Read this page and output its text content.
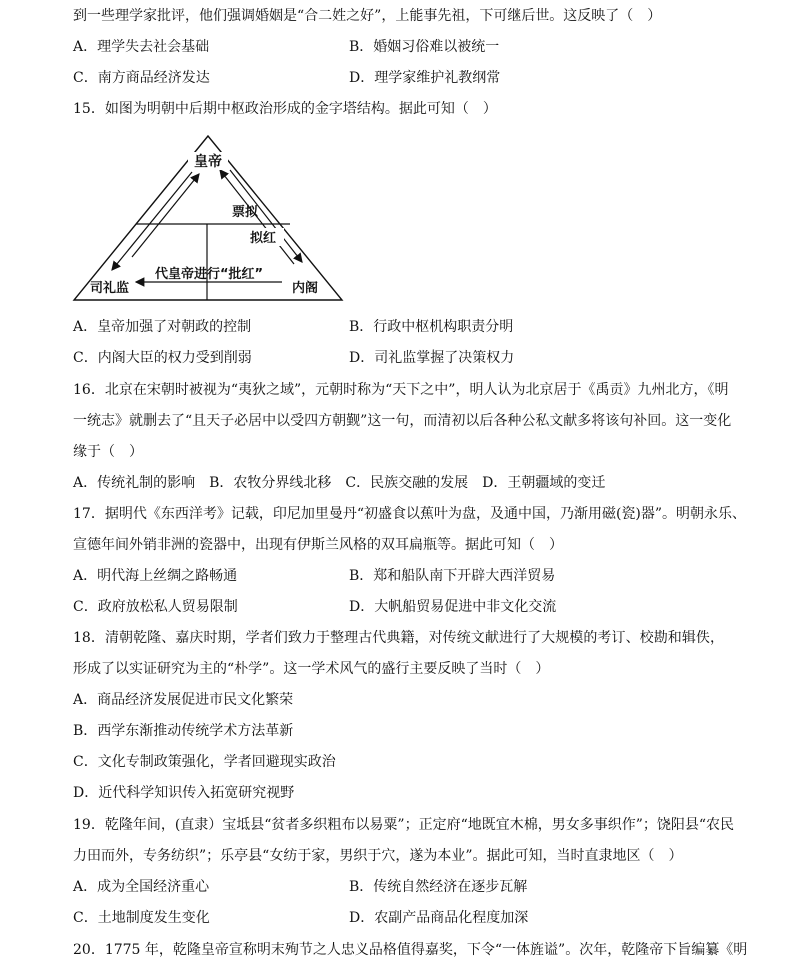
到一些理学家批评，他们强调婚姻是“合二姓之好”，上能事先祖，下可继后世。这反映了（　）
A．理学失去社会基础	B．婚姻习俗难以被统一
C．南方商品经济发达	D．理学家维护礼教纲常
15．如图为明朝中后期中枢政治形成的金字塔结构。据此可知（　）
皇帝
票拟
拟红
代皇帝进行“批红”
司礼监	内阁
A．皇帝加强了对朝政的控制	B．行政中枢机构职责分明
C．内阁大臣的权力受到削弱	D．司礼监掌握了决策权力
16．北京在宋朝时被视为“夷狄之域”，元朝时称为“天下之中”，明人认为北京居于《禹贡》九州北方，《明
一统志》就删去了“且天子必居中以受四方朝觐”这一句，而清初以后各种公私文献多将该句补回。这一变化
缘于（　）
A．传统礼制的影响 B．农牧分界线北移 C．民族交融的发展 D．王朝疆域的变迁
17．据明代《东西洋考》记载，印尼加里曼丹“初盛食以蕉叶为盘，及通中国，乃渐用磁(瓷)器”。明朝永乐、
宣德年间外销非洲的瓷器中，出现有伊斯兰风格的双耳扁瓶等。据此可知（　）
A．明代海上丝绸之路畅通	B．郑和船队南下开辟大西洋贸易
C．政府放松私人贸易限制	D．大帆船贸易促进中非文化交流
18．清朝乾隆、嘉庆时期，学者们致力于整理古代典籍，对传统文献进行了大规模的考订、校勘和辑佚，
形成了以实证研究为主的“朴学”。这一学术风气的盛行主要反映了当时（　）
A．商品经济发展促进市民文化繁荣
B．西学东渐推动传统学术方法革新
C．文化专制政策强化，学者回避现实政治
D．近代科学知识传入拓宽研究视野
19．乾隆年间，(直隶）宝坻县“贫者多织粗布以易粟”；正定府“地既宜木棉，男女多事织作”；饶阳县“农民
力田而外，专务纺织”；乐亭县“女纺于家，男织于穴，遂为本业”。据此可知，当时直隶地区（　）
A．成为全国经济重心	B．传统自然经济在逐步瓦解
C．土地制度发生变化	D．农副产品商品化程度加深
20．1775 年，乾隆皇帝宣称明末殉节之人忠义品格值得嘉奖，下令“一体旌谥”。次年，乾隆帝下旨编纂《明
